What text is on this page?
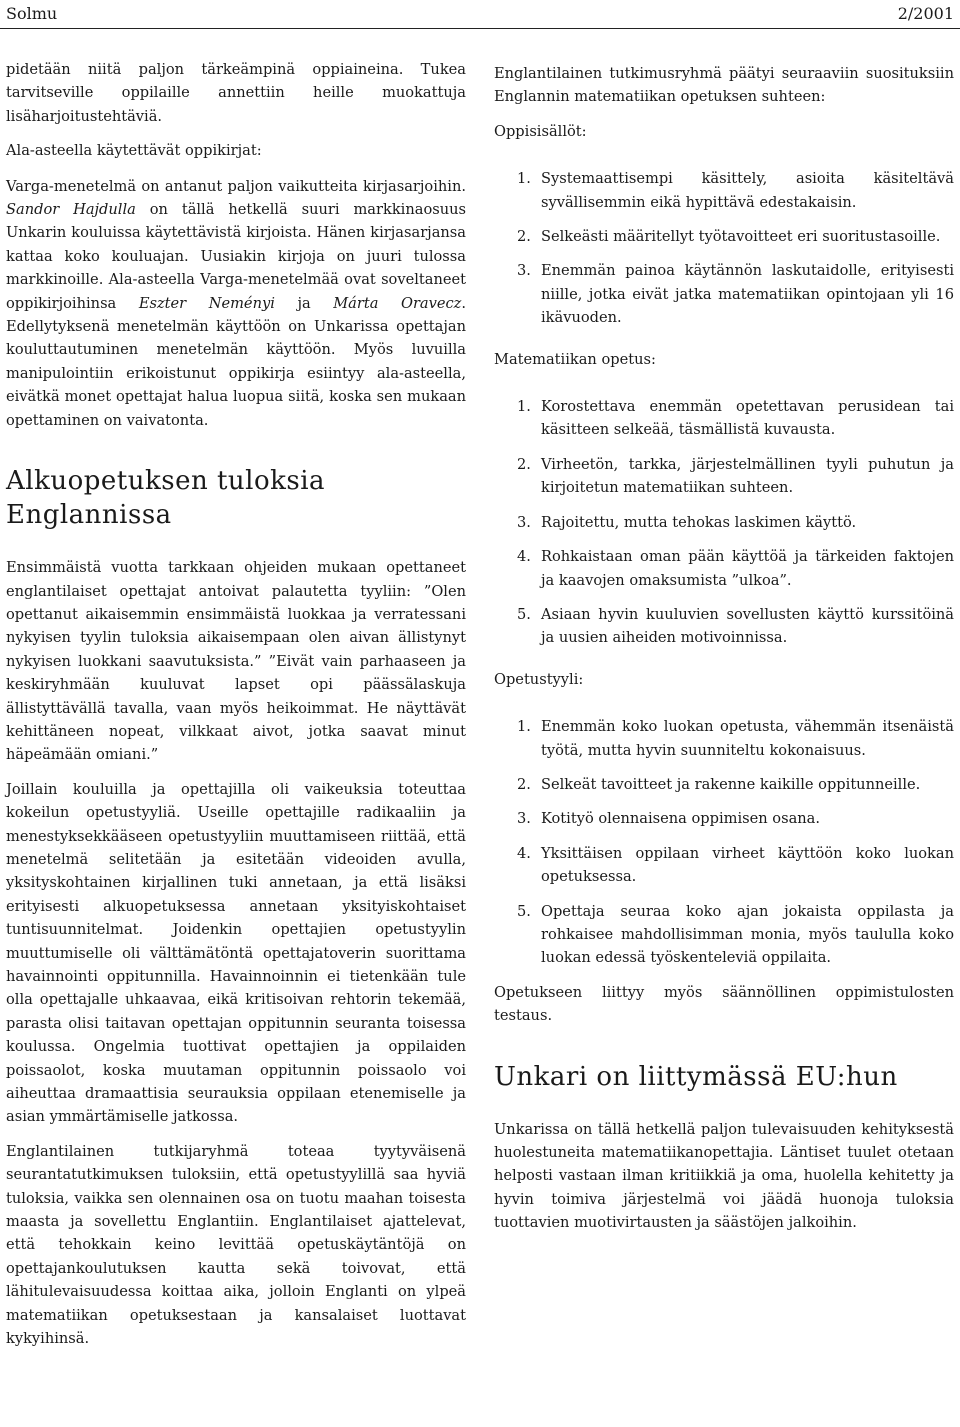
Solmu	2/2001

pidetään niitä paljon tärkeämpinä oppiaineina. Tukea tarvitseville oppilaille annettiin heille muokattuja lisäharjoitustehtäviä.

Ala-asteella käytettävät oppikirjat:

Varga-menetelmä on antanut paljon vaikutteita kirjasarjoihin. Sandor Hajdulla on tällä hetkellä suuri markkinaosuus Unkarin kouluissa käytettävistä kirjoista. Hänen kirjasarjansa kattaa koko kouluajan. Uusiakin kirjoja on juuri tulossa markkinoille. Ala-asteella Varga-menetelmää ovat soveltaneet oppikirjoihinsa Eszter Neményi ja Márta Oravecz. Edellytyksenä menetelmän käyttöön on Unkarissa opettajan kouluttautuminen menetelmän käyttöön. Myös luvuilla manipulointiin erikoistunut oppikirja esiintyy ala-asteella, eivätkä monet opettajat halua luopua siitä, koska sen mukaan opettaminen on vaivatonta.

Alkuopetuksen tuloksia Englannissa

Ensimmäistä vuotta tarkkaan ohjeiden mukaan opettaneet englantilaiset opettajat antoivat palautetta tyyliin: ”Olen opettanut aikaisemmin ensimmäistä luokkaa ja verratessani nykyisen tyylin tuloksia aikaisempaan olen aivan ällistynyt nykyisen luokkani saavutuksista.” ”Eivät vain parhaaseen ja keskiryhmään kuuluvat lapset opi päässälaskuja ällistyttävällä tavalla, vaan myös heikoimmat. He näyttävät kehittäneen nopeat, vilkkaat aivot, jotka saavat minut häpeämään omiani.”

Joillain kouluilla ja opettajilla oli vaikeuksia toteuttaa kokeilun opetustyyliä. Useille opettajille radikaaliin ja menestyksekkääseen opetustyyliin muuttamiseen riittää, että menetelmä selitetään ja esitetään videoiden avulla, yksityskohtainen kirjallinen tuki annetaan, ja että lisäksi erityisesti alkuopetuksessa annetaan yksityiskohtaiset tuntisuunnitelmat. Joidenkin opettajien opetustyylin muuttumiselle oli välttämätöntä opettajatoverin suorittama havainnointi oppitunnilla. Havainnoinnin ei tietenkään tule olla opettajalle uhkaavaa, eikä kritisoivan rehtorin tekemää, parasta olisi taitavan opettajan oppitunnin seuranta toisessa koulussa. Ongelmia tuottivat opettajien ja oppilaiden poissaolot, koska muutaman oppitunnin poissaolo voi aiheuttaa dramaattisia seurauksia oppilaan etenemiselle ja asian ymmärtämiselle jatkossa.

Englantilainen tutkijaryhmä toteaa tyytyväisenä seurantatutkimuksen tuloksiin, että opetustyylillä saa hyviä tuloksia, vaikka sen olennainen osa on tuotu maahan toisesta maasta ja sovellettu Englantiin. Englantilaiset ajattelevat, että tehokkain keino levittää opetuskäytäntöjä on opettajankoulutuksen kautta sekä toivovat, että lähitulevaisuudessa koittaa aika, jolloin Englanti on ylpeä matematiikan opetuksestaan ja kansalaiset luottavat kykyihinsä.

Englantilainen tutkimusryhmä päätyi seuraaviin suosituksiin Englannin matematiikan opetuksen suhteen:

Oppisisällöt:
1. Systemaattisempi käsittely, asioita käsiteltävä syvällisemmin eikä hypittävä edestakaisin.
2. Selkeästi määritellyt työtavoitteet eri suoritustasoille.
3. Enemmän painoa käytännön laskutaidolle, erityisesti niille, jotka eivät jatka matematiikan opintojaan yli 16 ikävuoden.
Matematiikan opetus:
1. Korostettava enemmän opetettavan perusidean tai käsitteen selkeää, täsmällistä kuvausta.
2. Virheetön, tarkka, järjestelmällinen tyyli puhutun ja kirjoitetun matematiikan suhteen.
3. Rajoitettu, mutta tehokas laskimen käyttö.
4. Rohkaistaan oman pään käyttöä ja tärkeiden faktojen ja kaavojen omaksumista ”ulkoa”.
5. Asiaan hyvin kuuluvien sovellusten käyttö kurssitöinä ja uusien aiheiden motivoinnissa.
Opetustyyli:
1. Enemmän koko luokan opetusta, vähemmän itsenäistä työtä, mutta hyvin suunniteltu kokonaisuus.
2. Selkeät tavoitteet ja rakenne kaikille oppitunneille.
3. Kotityö olennaisena oppimisen osana.
4. Yksittäisen oppilaan virheet käyttöön koko luokan opetuksessa.
5. Opettaja seuraa koko ajan jokaista oppilasta ja rohkaisee mahdollisimman monia, myös taululla koko luokan edessä työskenteleviä oppilaita.

Opetukseen liittyy myös säännöllinen oppimistulosten testaus.

Unkari on liittymässä EU:hun

Unkarissa on tällä hetkellä paljon tulevaisuuden kehityksestä huolestuneita matematiikanopettajia. Läntiset tuulet otetaan helposti vastaan ilman kritiikkiä ja oma, huolella kehitetty ja hyvin toimiva järjestelmä voi jäädä huonoja tuloksia tuottavien muotivirtausten ja säästöjen jalkoihin.
